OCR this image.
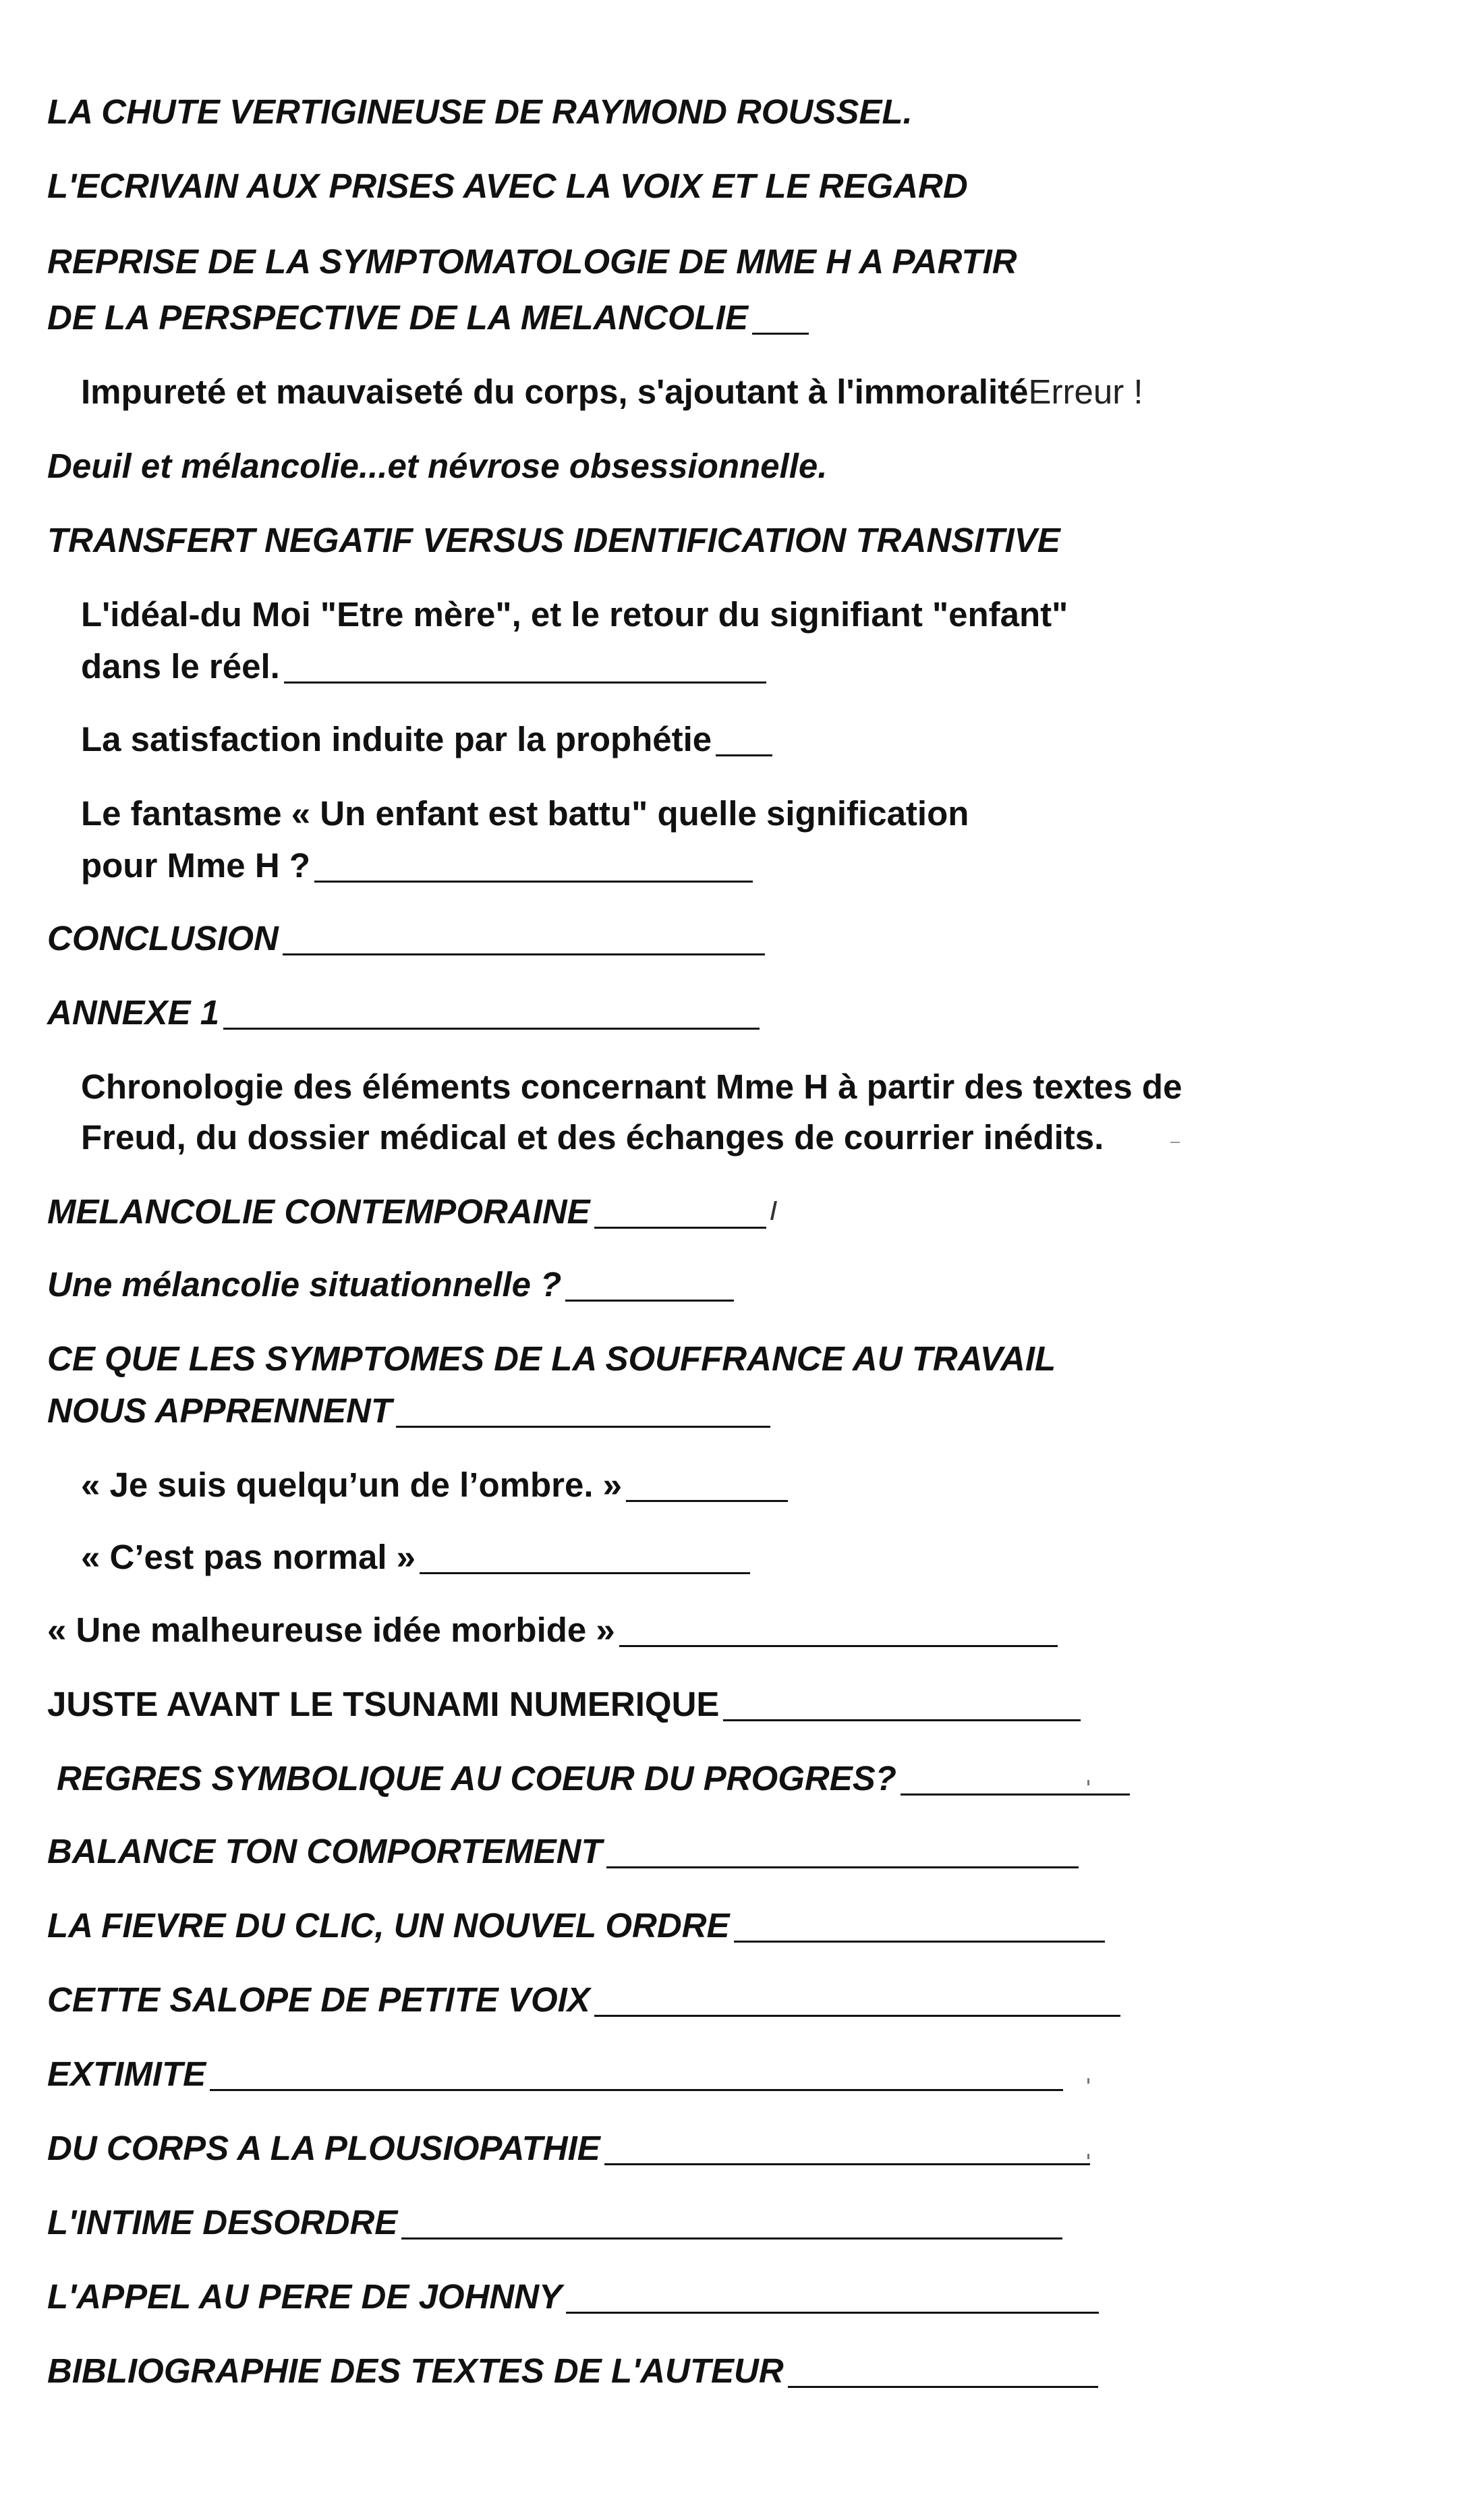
LA CHUTE VERTIGINEUSE DE RAYMOND ROUSSEL.
L'ECRIVAIN AUX PRISES AVEC LA VOIX ET LE REGARD
REPRISE DE LA SYMPTOMATOLOGIE DE MME H A PARTIR
DE LA PERSPECTIVE DE LA MELANCOLIE
Impureté et mauvaiseté du corps, s'ajoutant à l'immoralité Erreur !
Deuil et mélancolie...et névrose obsessionnelle.
TRANSFERT NEGATIF VERSUS IDENTIFICATION TRANSITIVE
L'idéal-du Moi "Etre mère", et le retour du signifiant "enfant"
dans le réel.
La satisfaction induite par la prophétie
Le fantasme « Un enfant est battu" quelle signification
pour Mme H ?
CONCLUSION
ANNEXE 1
Chronologie des éléments concernant Mme H à partir des textes de
Freud, du dossier médical et des échanges de courrier inédits.
MELANCOLIE CONTEMPORAINE
Une mélancolie situationnelle ?
CE QUE LES SYMPTOMES DE LA SOUFFRANCE AU TRAVAIL
NOUS APPRENNENT
« Je suis quelqu’un de l’ombre. »
« C’est pas normal »
« Une malheureuse idée morbide »
JUSTE AVANT LE TSUNAMI NUMERIQUE
REGRES SYMBOLIQUE AU COEUR DU PROGRES?
BALANCE TON COMPORTEMENT
LA FIEVRE DU CLIC, UN NOUVEL ORDRE
CETTE SALOPE DE PETITE VOIX
EXTIMITE
DU CORPS A LA PLOUSIOPATHIE
L'INTIME DESORDRE
L'APPEL AU PERE DE JOHNNY
BIBLIOGRAPHIE DES TEXTES DE L'AUTEUR
